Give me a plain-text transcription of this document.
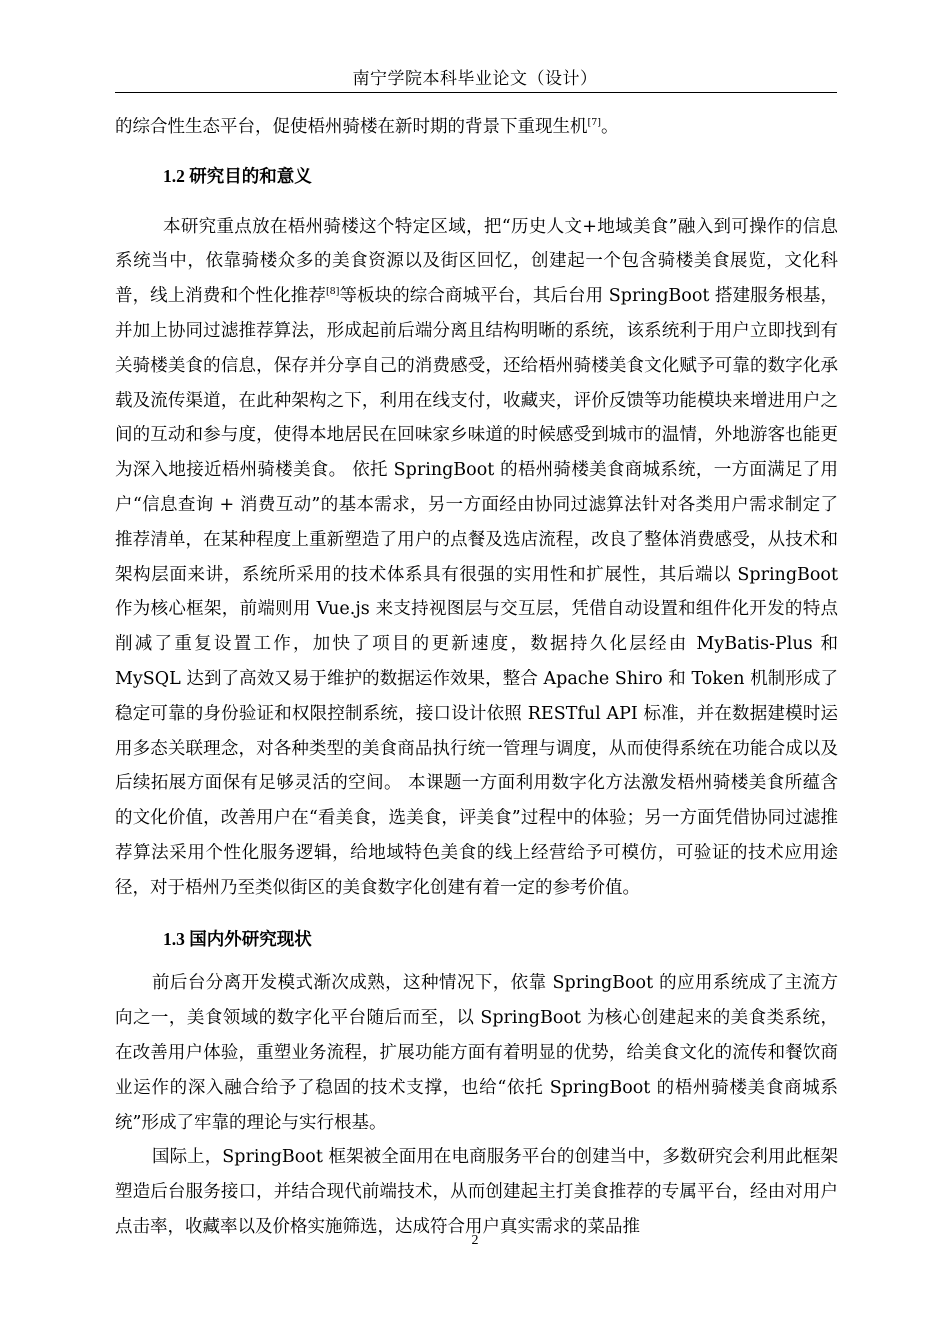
南宁学院本科毕业论文（设计）

的综合性生态平台，促使梧州骑楼在新时期的背景下重现生机[7]。

1.2 研究目的和意义

本研究重点放在梧州骑楼这个特定区域，把“历史人文+地域美食”融入到可操作的信息系统当中，依靠骑楼众多的美食资源以及街区回忆，创建起一个包含骑楼美食展览，文化科普，线上消费和个性化推荐[8]等板块的综合商城平台，其后台用 SpringBoot 搭建服务根基，并加上协同过滤推荐算法，形成起前后端分离且结构明晰的系统，该系统利于用户立即找到有关骑楼美食的信息，保存并分享自己的消费感受，还给梧州骑楼美食文化赋予可靠的数字化承载及流传渠道，在此种架构之下，利用在线支付，收藏夹，评价反馈等功能模块来增进用户之间的互动和参与度，使得本地居民在回味家乡味道的时候感受到城市的温情，外地游客也能更为深入地接近梧州骑楼美食。 依托 SpringBoot 的梧州骑楼美食商城系统，一方面满足了用户“信息查询 + 消费互动”的基本需求，另一方面经由协同过滤算法针对各类用户需求制定了推荐清单，在某种程度上重新塑造了用户的点餐及选店流程，改良了整体消费感受，从技术和架构层面来讲，系统所采用的技术体系具有很强的实用性和扩展性，其后端以 SpringBoot 作为核心框架，前端则用 Vue.js 来支持视图层与交互层，凭借自动设置和组件化开发的特点削减了重复设置工作，加快了项目的更新速度，数据持久化层经由 MyBatis-Plus 和 MySQL 达到了高效又易于维护的数据运作效果，整合 Apache Shiro 和 Token 机制形成了稳定可靠的身份验证和权限控制系统，接口设计依照 RESTful API 标准，并在数据建模时运用多态关联理念，对各种类型的美食商品执行统一管理与调度，从而使得系统在功能合成以及后续拓展方面保有足够灵活的空间。 本课题一方面利用数字化方法激发梧州骑楼美食所蕴含的文化价值，改善用户在“看美食，选美食，评美食”过程中的体验；另一方面凭借协同过滤推荐算法采用个性化服务逻辑，给地域特色美食的线上经营给予可模仿，可验证的技术应用途径，对于梧州乃至类似街区的美食数字化创建有着一定的参考价值。

1.3 国内外研究现状

前后台分离开发模式渐次成熟，这种情况下，依靠 SpringBoot 的应用系统成了主流方向之一，美食领域的数字化平台随后而至，以 SpringBoot 为核心创建起来的美食类系统，在改善用户体验，重塑业务流程，扩展功能方面有着明显的优势，给美食文化的流传和餐饮商业运作的深入融合给予了稳固的技术支撑，也给“依托 SpringBoot 的梧州骑楼美食商城系统”形成了牢靠的理论与实行根基。

国际上，SpringBoot 框架被全面用在电商服务平台的创建当中，多数研究会利用此框架塑造后台服务接口，并结合现代前端技术，从而创建起主打美食推荐的专属平台，经由对用户点击率，收藏率以及价格实施筛选，达成符合用户真实需求的菜品推

2
